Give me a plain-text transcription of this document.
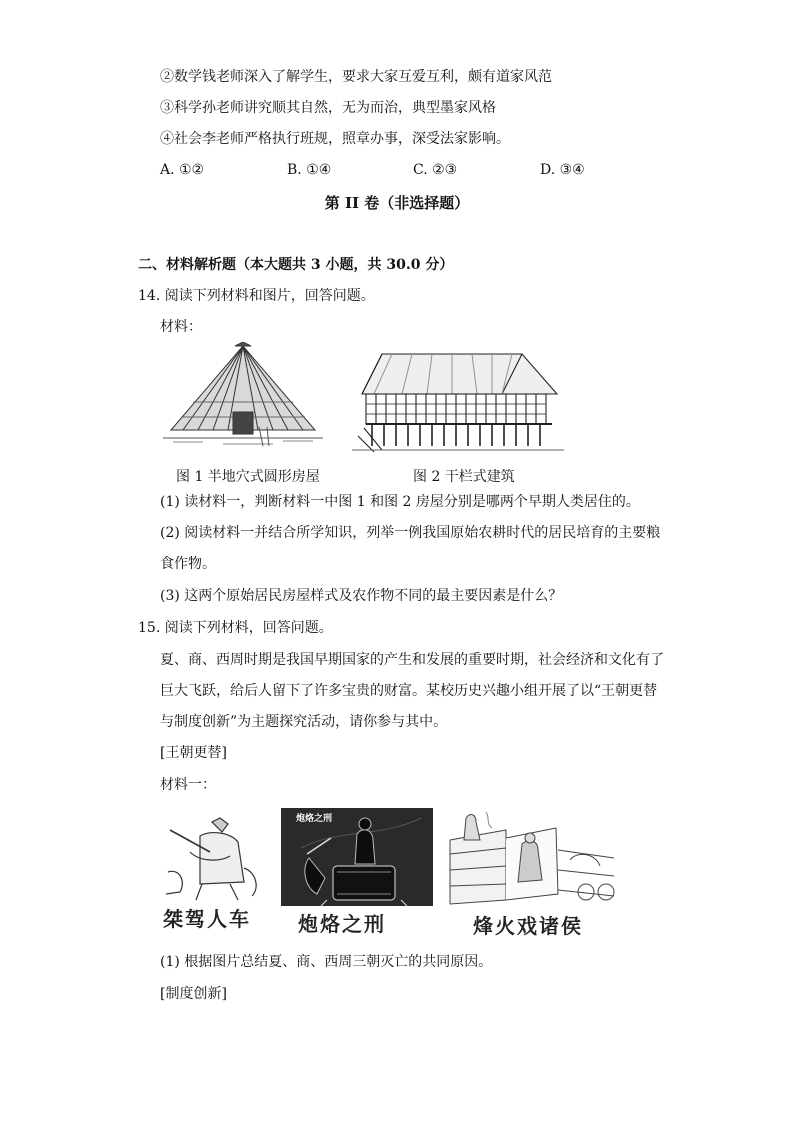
②数学钱老师深入了解学生，要求大家互爱互利，颇有道家风范
③科学孙老师讲究顺其自然，无为而治，典型墨家风格
④社会李老师严格执行班规，照章办事，深受法家影响。
A. ①②	B. ①④	C. ②③	D. ③④
第 II 卷（非选择题）
二、材料解析题（本大题共 3 小题，共 30.0 分）
14. 阅读下列材料和图片，回答问题。
材料：
图 1 半地穴式圆形房屋	图 2 干栏式建筑
(1) 读材料一，判断材料一中图 1 和图 2 房屋分别是哪两个早期人类居住的。
(2) 阅读材料一并结合所学知识，列举一例我国原始农耕时代的居民培育的主要粮
食作物。
(3) 这两个原始居民房屋样式及农作物不同的最主要因素是什么？
15. 阅读下列材料，回答问题。
夏、商、西周时期是我国早期国家的产生和发展的重要时期，社会经济和文化有了
巨大飞跃，给后人留下了许多宝贵的财富。某校历史兴趣小组开展了以“王朝更替
与制度创新”为主题探究活动，请你参与其中。
[王朝更替]
材料一：
桀驾人车
炮烙之刑
炮烙之刑	烽火戏诸侯
(1) 根据图片总结夏、商、西周三朝灭亡的共同原因。
[制度创新]
